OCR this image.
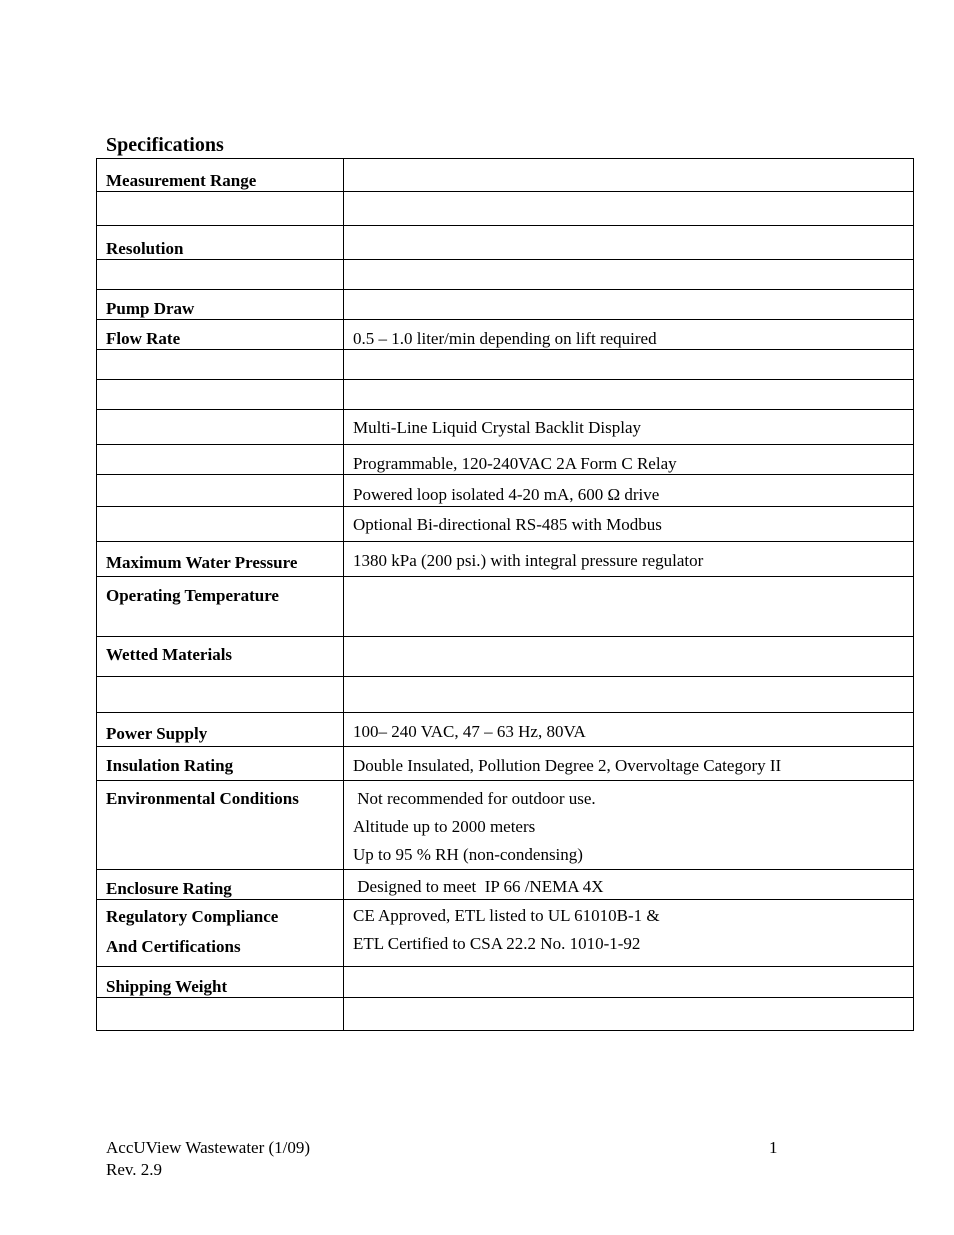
Specifications
Measurement Range	

Resolution	

Pump Draw	
Flow Rate	0.5 – 1.0 liter/min depending on lift required

	Multi-Line Liquid Crystal Backlit Display
	Programmable, 120-240VAC 2A Form C Relay
	Powered loop isolated 4-20 mA, 600 Ω drive
	Optional Bi-directional RS-485 with Modbus
Maximum Water Pressure	1380 kPa (200 psi.) with integral pressure regulator
Operating Temperature	
Wetted Materials	

Power Supply	100– 240 VAC, 47 – 63 Hz, 80VA
Insulation Rating	Double Insulated, Pollution Degree 2, Overvoltage Category II
Environmental Conditions	Not recommended for outdoor use.
Altitude up to 2000 meters
Up to 95 % RH (non-condensing)

Enclosure Rating	Designed to meet  IP 66 /NEMA 4X

Regulatory Compliance
And Certifications	CE Approved, ETL listed to UL 61010B-1 &
ETL Certified to CSA 22.2 No. 1010-1-92

Shipping Weight	

AccUView Wastewater (1/09)
Rev. 2.9
1
